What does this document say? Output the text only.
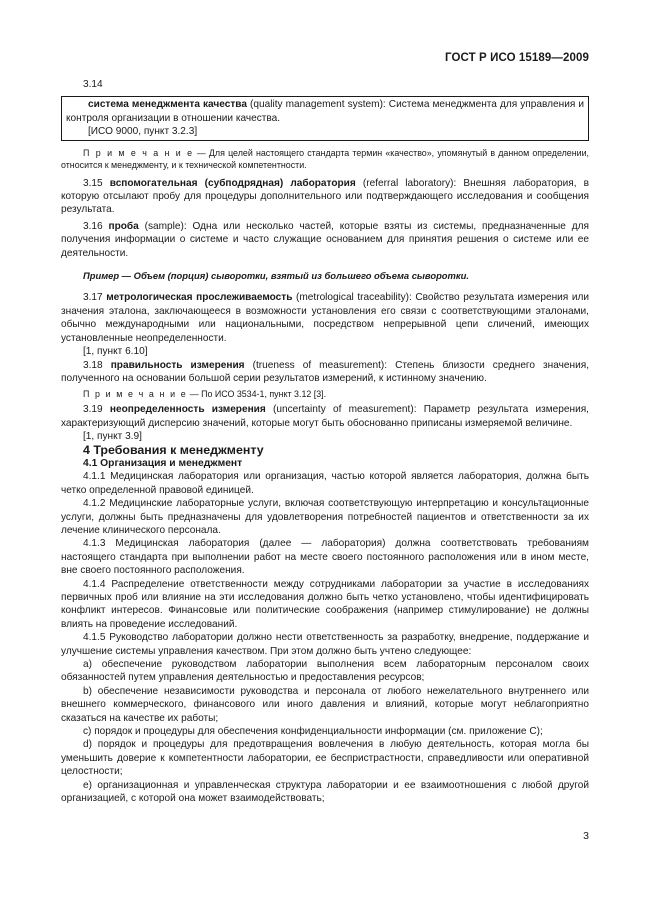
ГОСТ Р ИСО 15189—2009

3.14

система менеджмента качества (quality management system): Система менеджмента для управления и контроля организации в отношении качества.

[ИСО 9000, пункт 3.2.3]

П р и м е ч а н и е — Для целей настоящего стандарта термин «качество», упомянутый в данном определении, относится к менеджменту, и к технической компетентности.

3.15 вспомогательная (субподрядная) лаборатория (referral laboratory): Внешняя лаборатория, в которую отсылают пробу для процедуры дополнительного или подтверждающего исследования и сообщения результата.

3.16 проба (sample): Одна или несколько частей, которые взяты из системы, предназначенные для получения информации о системе и часто служащие основанием для принятия решения о системе или ее деятельности.

Пример — Объем (порция) сыворотки, взятый из большего объема сыворотки.

3.17 метрологическая прослеживаемость (metrological traceability): Свойство результата измерения или значения эталона, заключающееся в возможности установления его связи с соответствующими эталонами, обычно международными или национальными, посредством непрерывной цепи сличений, имеющих установленные неопределенности.

[1, пункт 6.10]

3.18 правильность измерения (trueness of measurement): Степень близости среднего значения, полученного на основании большой серии результатов измерений, к истинному значению.

П р и м е ч а н и е — По ИСО 3534-1, пункт 3.12 [3].

3.19 неопределенность измерения (uncertainty of measurement): Параметр результата измерения, характеризующий дисперсию значений, которые могут быть обоснованно приписаны измеряемой величине.

[1, пункт 3.9]

4 Требования к менеджменту

4.1 Организация и менеджмент

4.1.1 Медицинская лаборатория или организация, частью которой является лаборатория, должна быть четко определенной правовой единицей.

4.1.2 Медицинские лабораторные услуги, включая соответствующую интерпретацию и консультационные услуги, должны быть предназначены для удовлетворения потребностей пациентов и ответственности за их лечение клинического персонала.

4.1.3 Медицинская лаборатория (далее — лаборатория) должна соответствовать требованиям настоящего стандарта при выполнении работ на месте своего постоянного расположения или в ином месте, вне своего постоянного расположения.

4.1.4 Распределение ответственности между сотрудниками лаборатории за участие в исследованиях первичных проб или влияние на эти исследования должно быть четко установлено, чтобы идентифицировать конфликт интересов. Финансовые или политические соображения (например стимулирование) не должны влиять на проведение исследований.

4.1.5 Руководство лаборатории должно нести ответственность за разработку, внедрение, поддержание и улучшение системы управления качеством. При этом должно быть учтено следующее:

а) обеспечение руководством лаборатории выполнения всем лабораторным персоналом своих обязанностей путем управления деятельностью и предоставления ресурсов;

b) обеспечение независимости руководства и персонала от любого нежелательного внутреннего или внешнего коммерческого, финансового или иного давления и влияний, которые могут неблагоприятно сказаться на качестве их работы;

c) порядок и процедуры для обеспечения конфиденциальности информации (см. приложение С);

d) порядок и процедуры для предотвращения вовлечения в любую деятельность, которая могла бы уменьшить доверие к компетентности лаборатории, ее беспристрастности, справедливости или оперативной целостности;

e) организационная и управленческая структура лаборатории и ее взаимоотношения с любой другой организацией, с которой она может взаимодействовать;

3
